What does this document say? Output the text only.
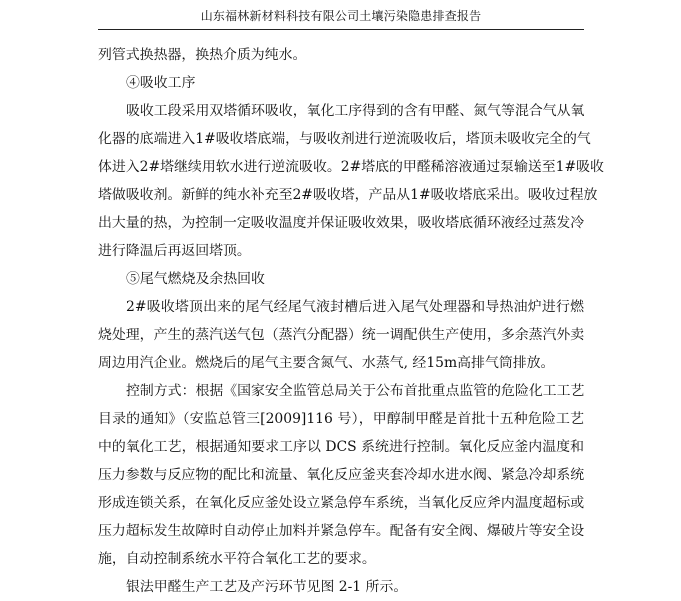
山东福林新材料科技有限公司土壤污染隐患排查报告
列管式换热器，换热介质为纯水。
④吸收工序
吸收工段采用双塔循环吸收，氧化工序得到的含有甲醛、氮气等混合气从氧
化器的底端进入1#吸收塔底端，与吸收剂进行逆流吸收后，塔顶未吸收完全的气
体进入2#塔继续用软水进行逆流吸收。2#塔底的甲醛稀溶液通过泵输送至1#吸收
塔做吸收剂。新鲜的纯水补充至2#吸收塔，产品从1#吸收塔底采出。吸收过程放
出大量的热，为控制一定吸收温度并保证吸收效果，吸收塔底循环液经过蒸发冷
进行降温后再返回塔顶。
⑤尾气燃烧及余热回收
2#吸收塔顶出来的尾气经尾气液封槽后进入尾气处理器和导热油炉进行燃
烧处理，产生的蒸汽送气包（蒸汽分配器）统一调配供生产使用，多余蒸汽外卖
周边用汽企业。燃烧后的尾气主要含氮气、水蒸气, 经15m高排气筒排放。
控制方式：根据《国家安全监管总局关于公布首批重点监管的危险化工工艺
目录的通知》（安监总管三[2009]116 号），甲醇制甲醛是首批十五种危险工艺
中的氧化工艺，根据通知要求工序以 DCS 系统进行控制。氧化反应釜内温度和
压力参数与反应物的配比和流量、氧化反应釜夹套冷却水进水阀、紧急冷却系统
形成连锁关系，在氧化反应釜处设立紧急停车系统，当氧化反应斧内温度超标或
压力超标发生故障时自动停止加料并紧急停车。配备有安全阀、爆破片等安全设
施，自动控制系统水平符合氧化工艺的要求。
银法甲醛生产工艺及产污环节见图 2-1 所示。
